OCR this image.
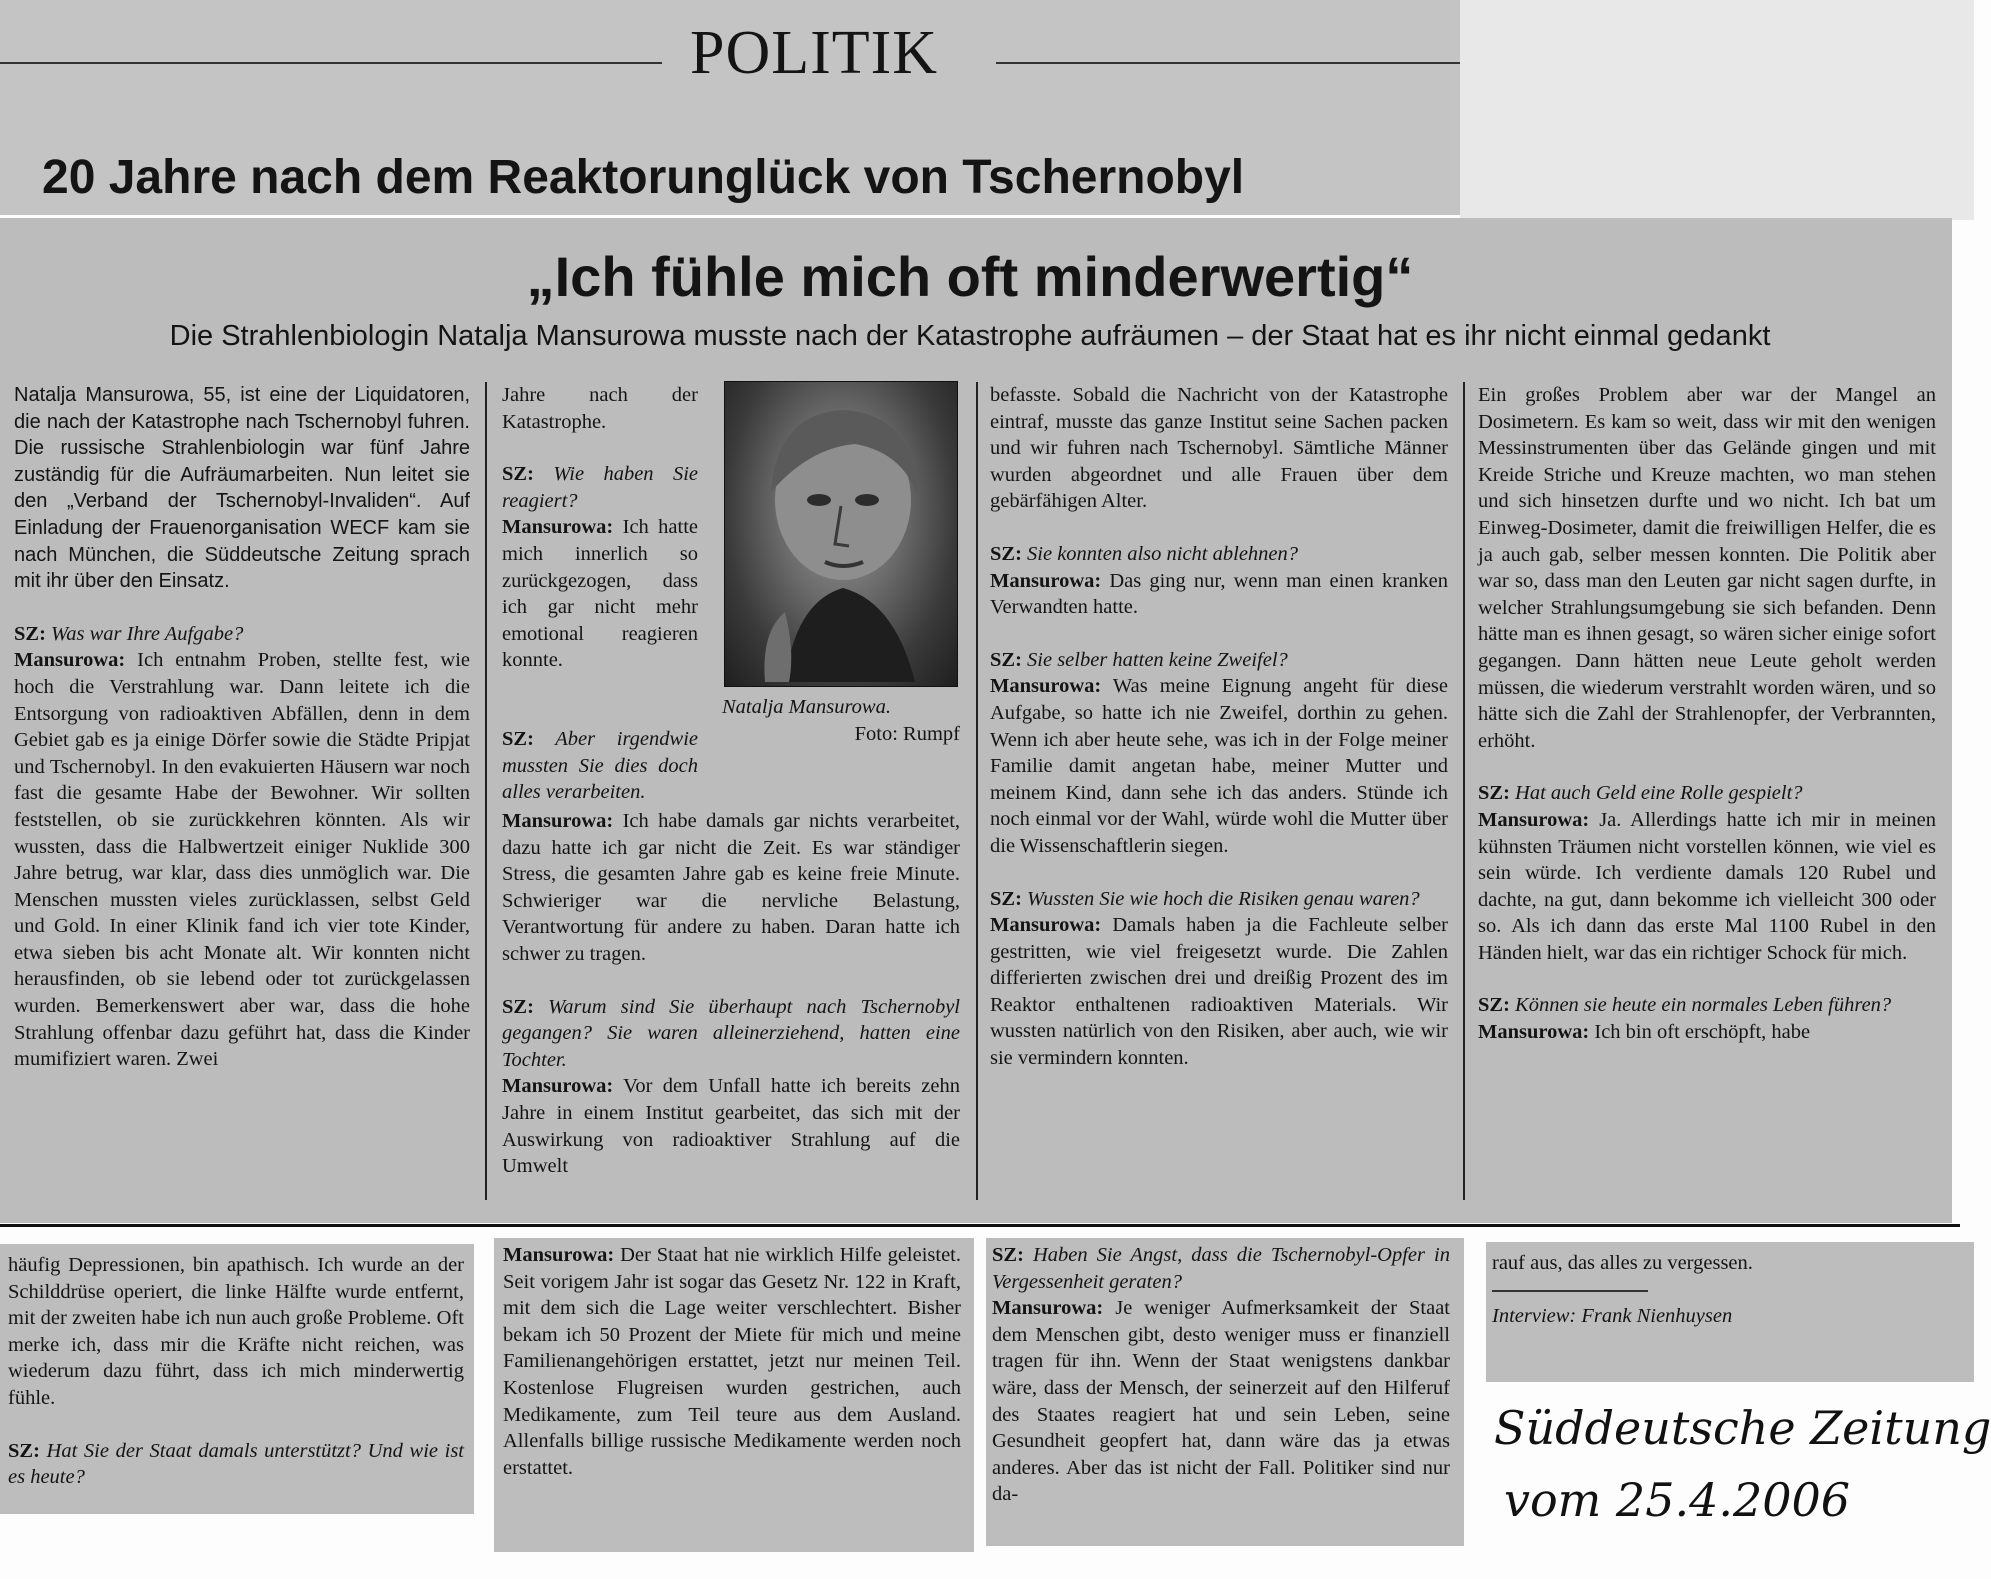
POLITIK
20 Jahre nach dem Reaktorunglück von Tschernobyl
„Ich fühle mich oft minderwertig“
Die Strahlenbiologin Natalja Mansurowa musste nach der Katastrophe aufräumen – der Staat hat es ihr nicht einmal gedankt

Natalja Mansurowa, 55, ist eine der Liquidatoren, die nach der Katastrophe nach Tschernobyl fuhren. Die russische Strahlenbiologin war fünf Jahre zuständig für die Aufräumarbeiten. Nun leitet sie den „Verband der Tschernobyl-Invaliden“. Auf Einladung der Frauenorganisation WECF kam sie nach München, die Süddeutsche Zeitung sprach mit ihr über den Einsatz.

SZ: Was war Ihre Aufgabe?

Mansurowa: Ich entnahm Proben, stellte fest, wie hoch die Verstrahlung war. Dann leitete ich die Entsorgung von radioaktiven Abfällen, denn in dem Gebiet gab es ja einige Dörfer sowie die Städte Pripjat und Tschernobyl. In den evakuierten Häusern war noch fast die gesamte Habe der Bewohner. Wir sollten feststellen, ob sie zurückkehren könnten. Als wir wussten, dass die Halbwertzeit einiger Nuklide 300 Jahre betrug, war klar, dass dies unmöglich war. Die Menschen mussten vieles zurücklassen, selbst Geld und Gold. In einer Klinik fand ich vier tote Kinder, etwa sieben bis acht Monate alt. Wir konnten nicht herausfinden, ob sie lebend oder tot zurückgelassen wurden. Bemerkenswert aber war, dass die hohe Strahlung offenbar dazu geführt hat, dass die Kinder mumifiziert waren. Zwei

Jahre nach der Katastrophe.

SZ: Wie haben Sie reagiert?

Mansurowa: Ich hatte mich innerlich so zurückgezogen, dass ich gar nicht mehr emotional reagieren konnte.

SZ: Aber irgendwie mussten Sie dies doch alles verarbeiten.

Mansurowa: Ich habe damals gar nichts verarbeitet, dazu hatte ich gar nicht die Zeit. Es war ständiger Stress, die gesamten Jahre gab es keine freie Minute. Schwieriger war die nervliche Belastung, Verantwortung für andere zu haben. Daran hatte ich schwer zu tragen.

SZ: Warum sind Sie überhaupt nach Tschernobyl gegangen? Sie waren alleinerziehend, hatten eine Tochter.

Mansurowa: Vor dem Unfall hatte ich bereits zehn Jahre in einem Institut gearbeitet, das sich mit der Auswirkung von radioaktiver Strahlung auf die Umwelt

Natalja Mansurowa.
Foto: Rumpf

befasste. Sobald die Nachricht von der Katastrophe eintraf, musste das ganze Institut seine Sachen packen und wir fuhren nach Tschernobyl. Sämtliche Männer wurden abgeordnet und alle Frauen über dem gebärfähigen Alter.

SZ: Sie konnten also nicht ablehnen?

Mansurowa: Das ging nur, wenn man einen kranken Verwandten hatte.

SZ: Sie selber hatten keine Zweifel?

Mansurowa: Was meine Eignung angeht für diese Aufgabe, so hatte ich nie Zweifel, dorthin zu gehen. Wenn ich aber heute sehe, was ich in der Folge meiner Familie damit angetan habe, meiner Mutter und meinem Kind, dann sehe ich das anders. Stünde ich noch einmal vor der Wahl, würde wohl die Mutter über die Wissenschaftlerin siegen.

SZ: Wussten Sie wie hoch die Risiken genau waren?

Mansurowa: Damals haben ja die Fachleute selber gestritten, wie viel freigesetzt wurde. Die Zahlen differierten zwischen drei und dreißig Prozent des im Reaktor enthaltenen radioaktiven Materials. Wir wussten natürlich von den Risiken, aber auch, wie wir sie vermindern konnten.

Ein großes Problem aber war der Mangel an Dosimetern. Es kam so weit, dass wir mit den wenigen Messinstrumenten über das Gelände gingen und mit Kreide Striche und Kreuze machten, wo man stehen und sich hinsetzen durfte und wo nicht. Ich bat um Einweg-Dosimeter, damit die freiwilligen Helfer, die es ja auch gab, selber messen konnten. Die Politik aber war so, dass man den Leuten gar nicht sagen durfte, in welcher Strahlungsumgebung sie sich befanden. Denn hätte man es ihnen gesagt, so wären sicher einige sofort gegangen. Dann hätten neue Leute geholt werden müssen, die wiederum verstrahlt worden wären, und so hätte sich die Zahl der Strahlenopfer, der Verbrannten, erhöht.

SZ: Hat auch Geld eine Rolle gespielt?

Mansurowa: Ja. Allerdings hatte ich mir in meinen kühnsten Träumen nicht vorstellen können, wie viel es sein würde. Ich verdiente damals 120 Rubel und dachte, na gut, dann bekomme ich vielleicht 300 oder so. Als ich dann das erste Mal 1100 Rubel in den Händen hielt, war das ein richtiger Schock für mich.

SZ: Können sie heute ein normales Leben führen?

Mansurowa: Ich bin oft erschöpft, habe

häufig Depressionen, bin apathisch. Ich wurde an der Schilddrüse operiert, die linke Hälfte wurde entfernt, mit der zweiten habe ich nun auch große Probleme. Oft merke ich, dass mir die Kräfte nicht reichen, was wiederum dazu führt, dass ich mich minderwertig fühle.

SZ: Hat Sie der Staat damals unterstützt? Und wie ist es heute?

Mansurowa: Der Staat hat nie wirklich Hilfe geleistet. Seit vorigem Jahr ist sogar das Gesetz Nr. 122 in Kraft, mit dem sich die Lage weiter verschlechtert. Bisher bekam ich 50 Prozent der Miete für mich und meine Familienangehörigen erstattet, jetzt nur meinen Teil. Kostenlose Flugreisen wurden gestrichen, auch Medikamente, zum Teil teure aus dem Ausland. Allenfalls billige russische Medikamente werden noch erstattet.

SZ: Haben Sie Angst, dass die Tschernobyl-Opfer in Vergessenheit geraten?

Mansurowa: Je weniger Aufmerksamkeit der Staat dem Menschen gibt, desto weniger muss er finanziell tragen für ihn. Wenn der Staat wenigstens dankbar wäre, dass der Mensch, der seinerzeit auf den Hilferuf des Staates reagiert hat und sein Leben, seine Gesundheit geopfert hat, dann wäre das ja etwas anderes. Aber das ist nicht der Fall. Politiker sind nur da-

rauf aus, das alles zu vergessen.

Interview: Frank Nienhuysen
Süddeutsche Zeitung
vom 25.4.2006
